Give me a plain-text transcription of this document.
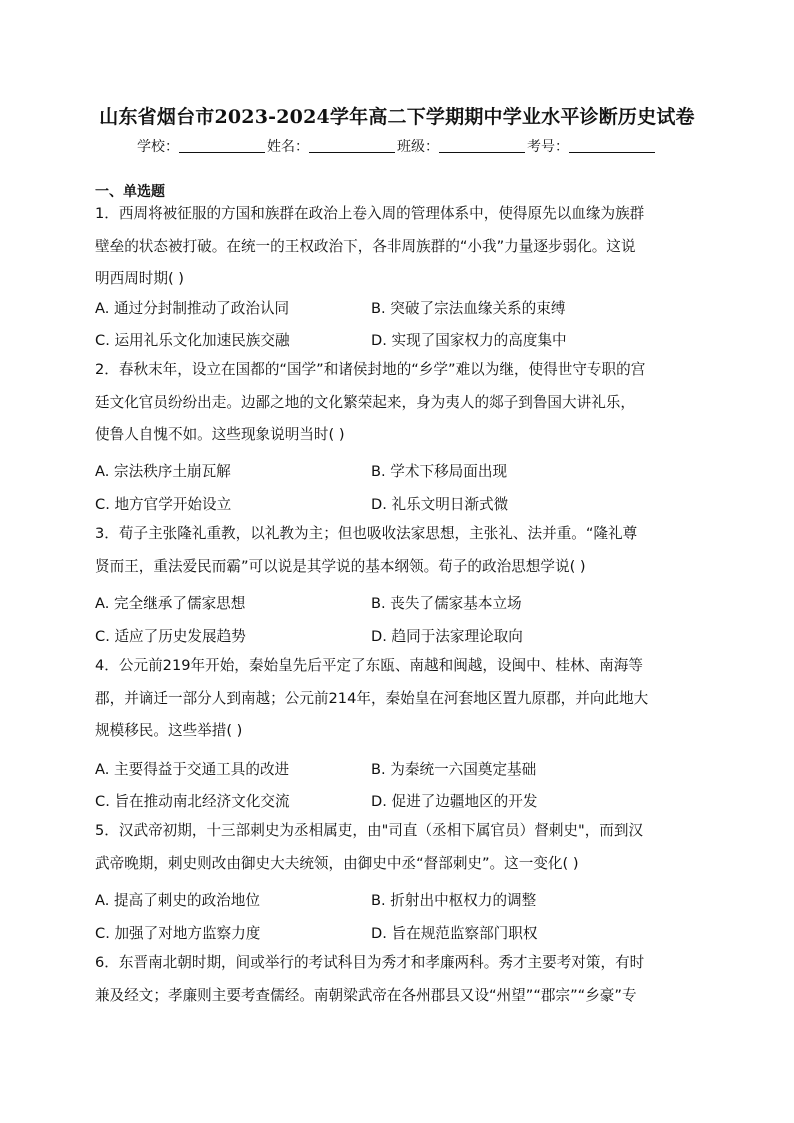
山东省烟台市2023-2024学年高二下学期期中学业水平诊断历史试卷
学校：	姓名：	班级：	考号：
一、单选题
1．西周将被征服的方国和族群在政治上卷入周的管理体系中，使得原先以血缘为族群
壁垒的状态被打破。在统一的王权政治下，各非周族群的“小我”力量逐步弱化。这说
明西周时期( )
A. 通过分封制推动了政治认同	B. 突破了宗法血缘关系的束缚
C. 运用礼乐文化加速民族交融	D. 实现了国家权力的高度集中
2．春秋末年，设立在国都的“国学”和诸侯封地的“乡学”难以为继，使得世守专职的宫
廷文化官员纷纷出走。边鄙之地的文化繁荣起来，身为夷人的郯子到鲁国大讲礼乐，
使鲁人自愧不如。这些现象说明当时( )
A. 宗法秩序土崩瓦解	B. 学术下移局面出现
C. 地方官学开始设立	D. 礼乐文明日渐式微
3．荀子主张隆礼重教，以礼教为主；但也吸收法家思想，主张礼、法并重。“隆礼尊
贤而王，重法爱民而霸”可以说是其学说的基本纲领。荀子的政治思想学说( )
A. 完全继承了儒家思想	B. 丧失了儒家基本立场
C. 适应了历史发展趋势	D. 趋同于法家理论取向
4．公元前219年开始，秦始皇先后平定了东瓯、南越和闽越，设闽中、桂林、南海等
郡，并谪迁一部分人到南越；公元前214年，秦始皇在河套地区置九原郡，并向此地大
规模移民。这些举措( )
A. 主要得益于交通工具的改进	B. 为秦统一六国奠定基础
C. 旨在推动南北经济文化交流	D. 促进了边疆地区的开发
5．汉武帝初期，十三部刺史为丞相属吏，由"司直（丞相下属官员）督刺史"，而到汉
武帝晚期，刺史则改由御史大夫统领，由御史中丞“督部刺史”。这一变化( )
A. 提高了刺史的政治地位	B. 折射出中枢权力的调整
C. 加强了对地方监察力度	D. 旨在规范监察部门职权
6．东晋南北朝时期，间或举行的考试科目为秀才和孝廉两科。秀才主要考对策，有时
兼及经文；孝廉则主要考查儒经。南朝梁武帝在各州郡县又设“州望”“郡宗”“乡豪”专
